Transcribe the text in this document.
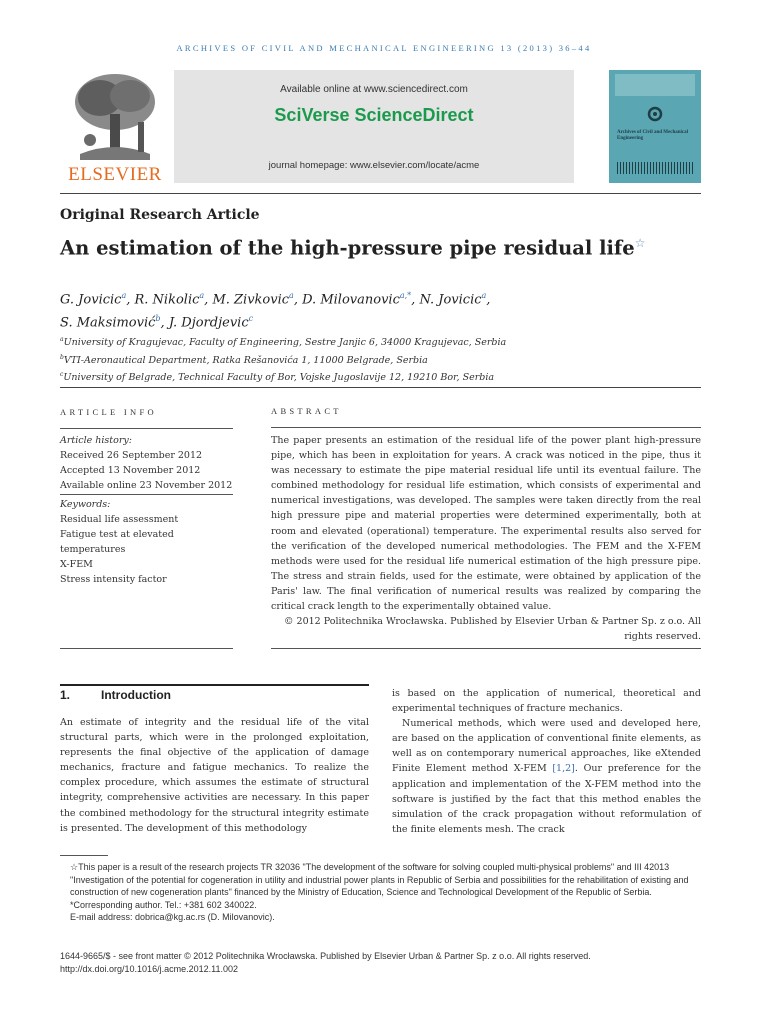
ARCHIVES OF CIVIL AND MECHANICAL ENGINEERING 13 (2013) 36–44
ELSEVIER
Available online at www.sciencedirect.com
SciVerse ScienceDirect
journal homepage: www.elsevier.com/locate/acme
Archives of Civil and Mechanical Engineering
Original Research Article
An estimation of the high-pressure pipe residual life☆
G. Jovicic$^a$, R. Nikolic$^a$, M. Zivkovic$^a$, D. Milovanovic$^{a,*}$, N. Jovicic$^a$,
S. Maksimović$^b$, J. Djordjevic$^c$
$^a$University of Kragujevac, Faculty of Engineering, Sestre Janjic 6, 34000 Kragujevac, Serbia
$^b$VTI-Aeronautical Department, Ratka Rešanovića 1, 11000 Belgrade, Serbia
$^c$University of Belgrade, Technical Faculty of Bor, Vojske Jugoslavije 12, 19210 Bor, Serbia
ARTICLE INFO	ABSTRACT
Article history:
Received 26 September 2012
Accepted 13 November 2012
Available online 23 November 2012
Keywords:
Residual life assessment
Fatigue test at elevated
temperatures
X-FEM
Stress intensity factor
The paper presents an estimation of the residual life of the power plant high-pressure pipe, which has been in exploitation for years. A crack was noticed in the pipe, thus it was necessary to estimate the pipe material residual life until its eventual failure. The combined methodology for residual life estimation, which consists of experimental and numerical investigations, was developed. The samples were taken directly from the real high pressure pipe and material properties were determined experimentally, both at room and elevated (operational) temperature. The experimental results also served for the verification of the developed numerical methodologies. The FEM and the X-FEM methods were used for the residual life numerical estimation of the high pressure pipe. The stress and strain fields, used for the estimate, were obtained by application of the Paris' law. The final verification of numerical results was realized by comparing the critical crack length to the experimentally obtained value.
© 2012 Politechnika Wrocławska. Published by Elsevier Urban & Partner Sp. z o.o. All rights reserved.
1.	Introduction
An estimate of integrity and the residual life of the vital structural parts, which were in the prolonged exploitation, represents the final objective of the application of damage mechanics, fracture and fatigue mechanics. To realize the complex procedure, which assumes the estimate of structural integrity, comprehensive activities are necessary. In this paper the combined methodology for the structural integrity estimate is presented. The development of this methodology

is based on the application of numerical, theoretical and experimental techniques of fracture mechanics.

Numerical methods, which were used and developed here, are based on the application of conventional finite elements, as well as on contemporary numerical approaches, like eXtended Finite Element method X-FEM [1,2]. Our preference for the application and implementation of the X-FEM method into the software is justified by the fact that this method enables the simulation of the crack propagation without reformulation of the finite elements mesh. The crack

☆This paper is a result of the research projects TR 32036 "The development of the software for solving coupled multi-physical problems" and III 42013 "Investigation of the potential for cogeneration in utility and industrial power plants in Republic of Serbia and possibilities for the rehabilitation of existing and construction of new cogeneration plants" financed by the Ministry of Education, Science and Technological Development of the Republic of Serbia.
*Corresponding author. Tel.: +381 602 340022.
E-mail address: dobrica@kg.ac.rs (D. Milovanovic).
1644-9665/$ - see front matter © 2012 Politechnika Wrocławska. Published by Elsevier Urban & Partner Sp. z o.o. All rights reserved.
http://dx.doi.org/10.1016/j.acme.2012.11.002
